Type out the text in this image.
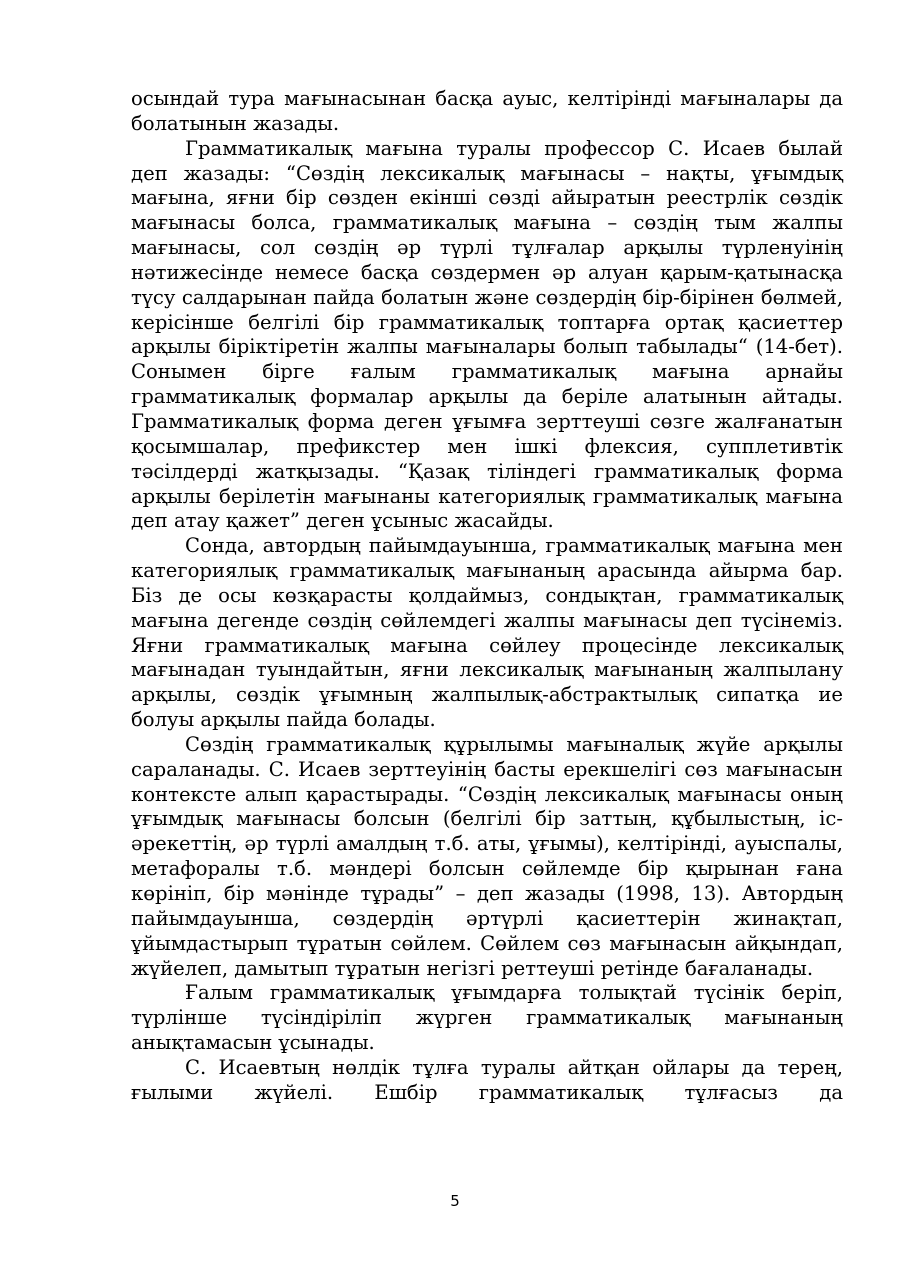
осындай тура мағынасынан басқа ауыс, келтірінді мағыналары да болатынын жазады.

Грамматикалық мағына туралы профессор С. Исаев былай деп жазады: “Сөздің лексикалық мағынасы – нақты, ұғымдық мағына, яғни бір сөзден екінші сөзді айыратын реестрлік сөздік мағынасы болса, грамматикалық мағына – сөздің тым жалпы мағынасы, сол сөздің әр түрлі тұлғалар арқылы түрленуінің нәтижесінде немесе басқа сөздермен әр алуан қарым-қатынасқа түсу салдарынан пайда болатын және сөздердің бір-бірінен бөлмей, керісінше белгілі бір грамматикалық топтарға ортақ қасиеттер арқылы біріктіретін жалпы мағыналары болып табылады“ (14-бет). Сонымен бірге ғалым грамматикалық мағына арнайы грамматикалық формалар арқылы да беріле алатынын айтады. Грамматикалық форма деген ұғымға зерттеуші сөзге жалғанатын қосымшалар, префикстер мен ішкі флексия, супплетивтік тәсілдерді жатқызады. “Қазақ тіліндегі грамматикалық форма арқылы берілетін мағынаны категориялық грамматикалық мағына деп атау қажет” деген ұсыныс жасайды.

Сонда, автордың пайымдауынша, грамматикалық мағына мен категориялық грамматикалық мағынаның арасында айырма бар. Біз де осы көзқарасты қолдаймыз, сондықтан, грамматикалық мағына дегенде сөздің сөйлемдегі жалпы мағынасы деп түсінеміз. Яғни грамматикалық мағына сөйлеу процесінде лексикалық мағынадан туындайтын, яғни лексикалық мағынаның жалпылану арқылы, сөздік ұғымның жалпылық-абстрактылық сипатқа ие болуы арқылы пайда болады.

Сөздің грамматикалық құрылымы мағыналық жүйе арқылы сараланады. С. Исаев зерттеуінің басты ерекшелігі сөз мағынасын контексте алып қарастырады. “Сөздің лексикалық мағынасы оның ұғымдық мағынасы болсын (белгілі бір заттың, құбылыстың, іс-әрекеттің, әр түрлі амалдың т.б. аты, ұғымы), келтірінді, ауыспалы, метафоралы т.б. мәндері болсын сөйлемде бір қырынан ғана көрініп, бір мәнінде тұрады” – деп жазады (1998, 13). Автордың пайымдауынша, сөздердің әртүрлі қасиеттерін жинақтап, ұйымдастырып тұратын сөйлем. Сөйлем сөз мағынасын айқындап, жүйелеп, дамытып тұратын негізгі реттеуші ретінде бағаланады.

Ғалым грамматикалық ұғымдарға толықтай түсінік беріп, түрлінше түсіндіріліп жүрген грамматикалық мағынаның анықтамасын ұсынады.

С. Исаевтың нөлдік тұлға туралы айтқан ойлары да терең, ғылыми жүйелі. Ешбір грамматикалық тұлғасыз да

5
